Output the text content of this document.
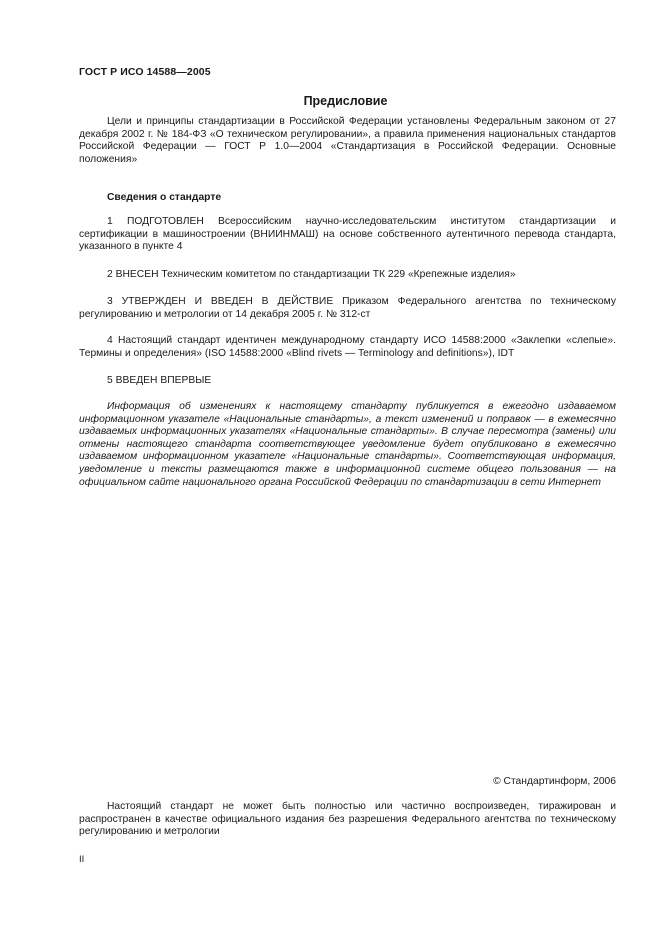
ГОСТ Р ИСО 14588—2005
Предисловие

Цели и принципы стандартизации в Российской Федерации установлены Федеральным законом от 27 декабря 2002 г. № 184-ФЗ «О техническом регулировании», а правила применения национальных стандартов Российской Федерации — ГОСТ Р 1.0—2004 «Стандартизация в Российской Федерации. Основные положения»

Сведения о стандарте

1 ПОДГОТОВЛЕН Всероссийским научно-исследовательским институтом стандартизации и сертификации в машиностроении (ВНИИНМАШ) на основе собственного аутентичного перевода стандарта, указанного в пункте 4

2 ВНЕСЕН Техническим комитетом по стандартизации ТК 229 «Крепежные изделия»

3 УТВЕРЖДЕН И ВВЕДЕН В ДЕЙСТВИЕ Приказом Федерального агентства по техническому регулированию и метрологии от 14 декабря 2005 г. № 312-ст

4 Настоящий стандарт идентичен международному стандарту ИСО 14588:2000 «Заклепки «слепые». Термины и определения» (ISO 14588:2000 «Blind rivets — Terminology and definitions»), IDT

5 ВВЕДЕН ВПЕРВЫЕ

Информация об изменениях к настоящему стандарту публикуется в ежегодно издаваемом информационном указателе «Национальные стандарты», а текст изменений и поправок — в ежемесячно издаваемых информационных указателях «Национальные стандарты». В случае пересмотра (замены) или отмены настоящего стандарта соответствующее уведомление будет опубликовано в ежемесячно издаваемом информационном указателе «Национальные стандарты». Соответствующая информация, уведомление и тексты размещаются также в информационной системе общего пользования — на официальном сайте национального органа Российской Федерации по стандартизации в сети Интернет

© Стандартинформ, 2006

Настоящий стандарт не может быть полностью или частично воспроизведен, тиражирован и распространен в качестве официального издания без разрешения Федерального агентства по техническому регулированию и метрологии

II
